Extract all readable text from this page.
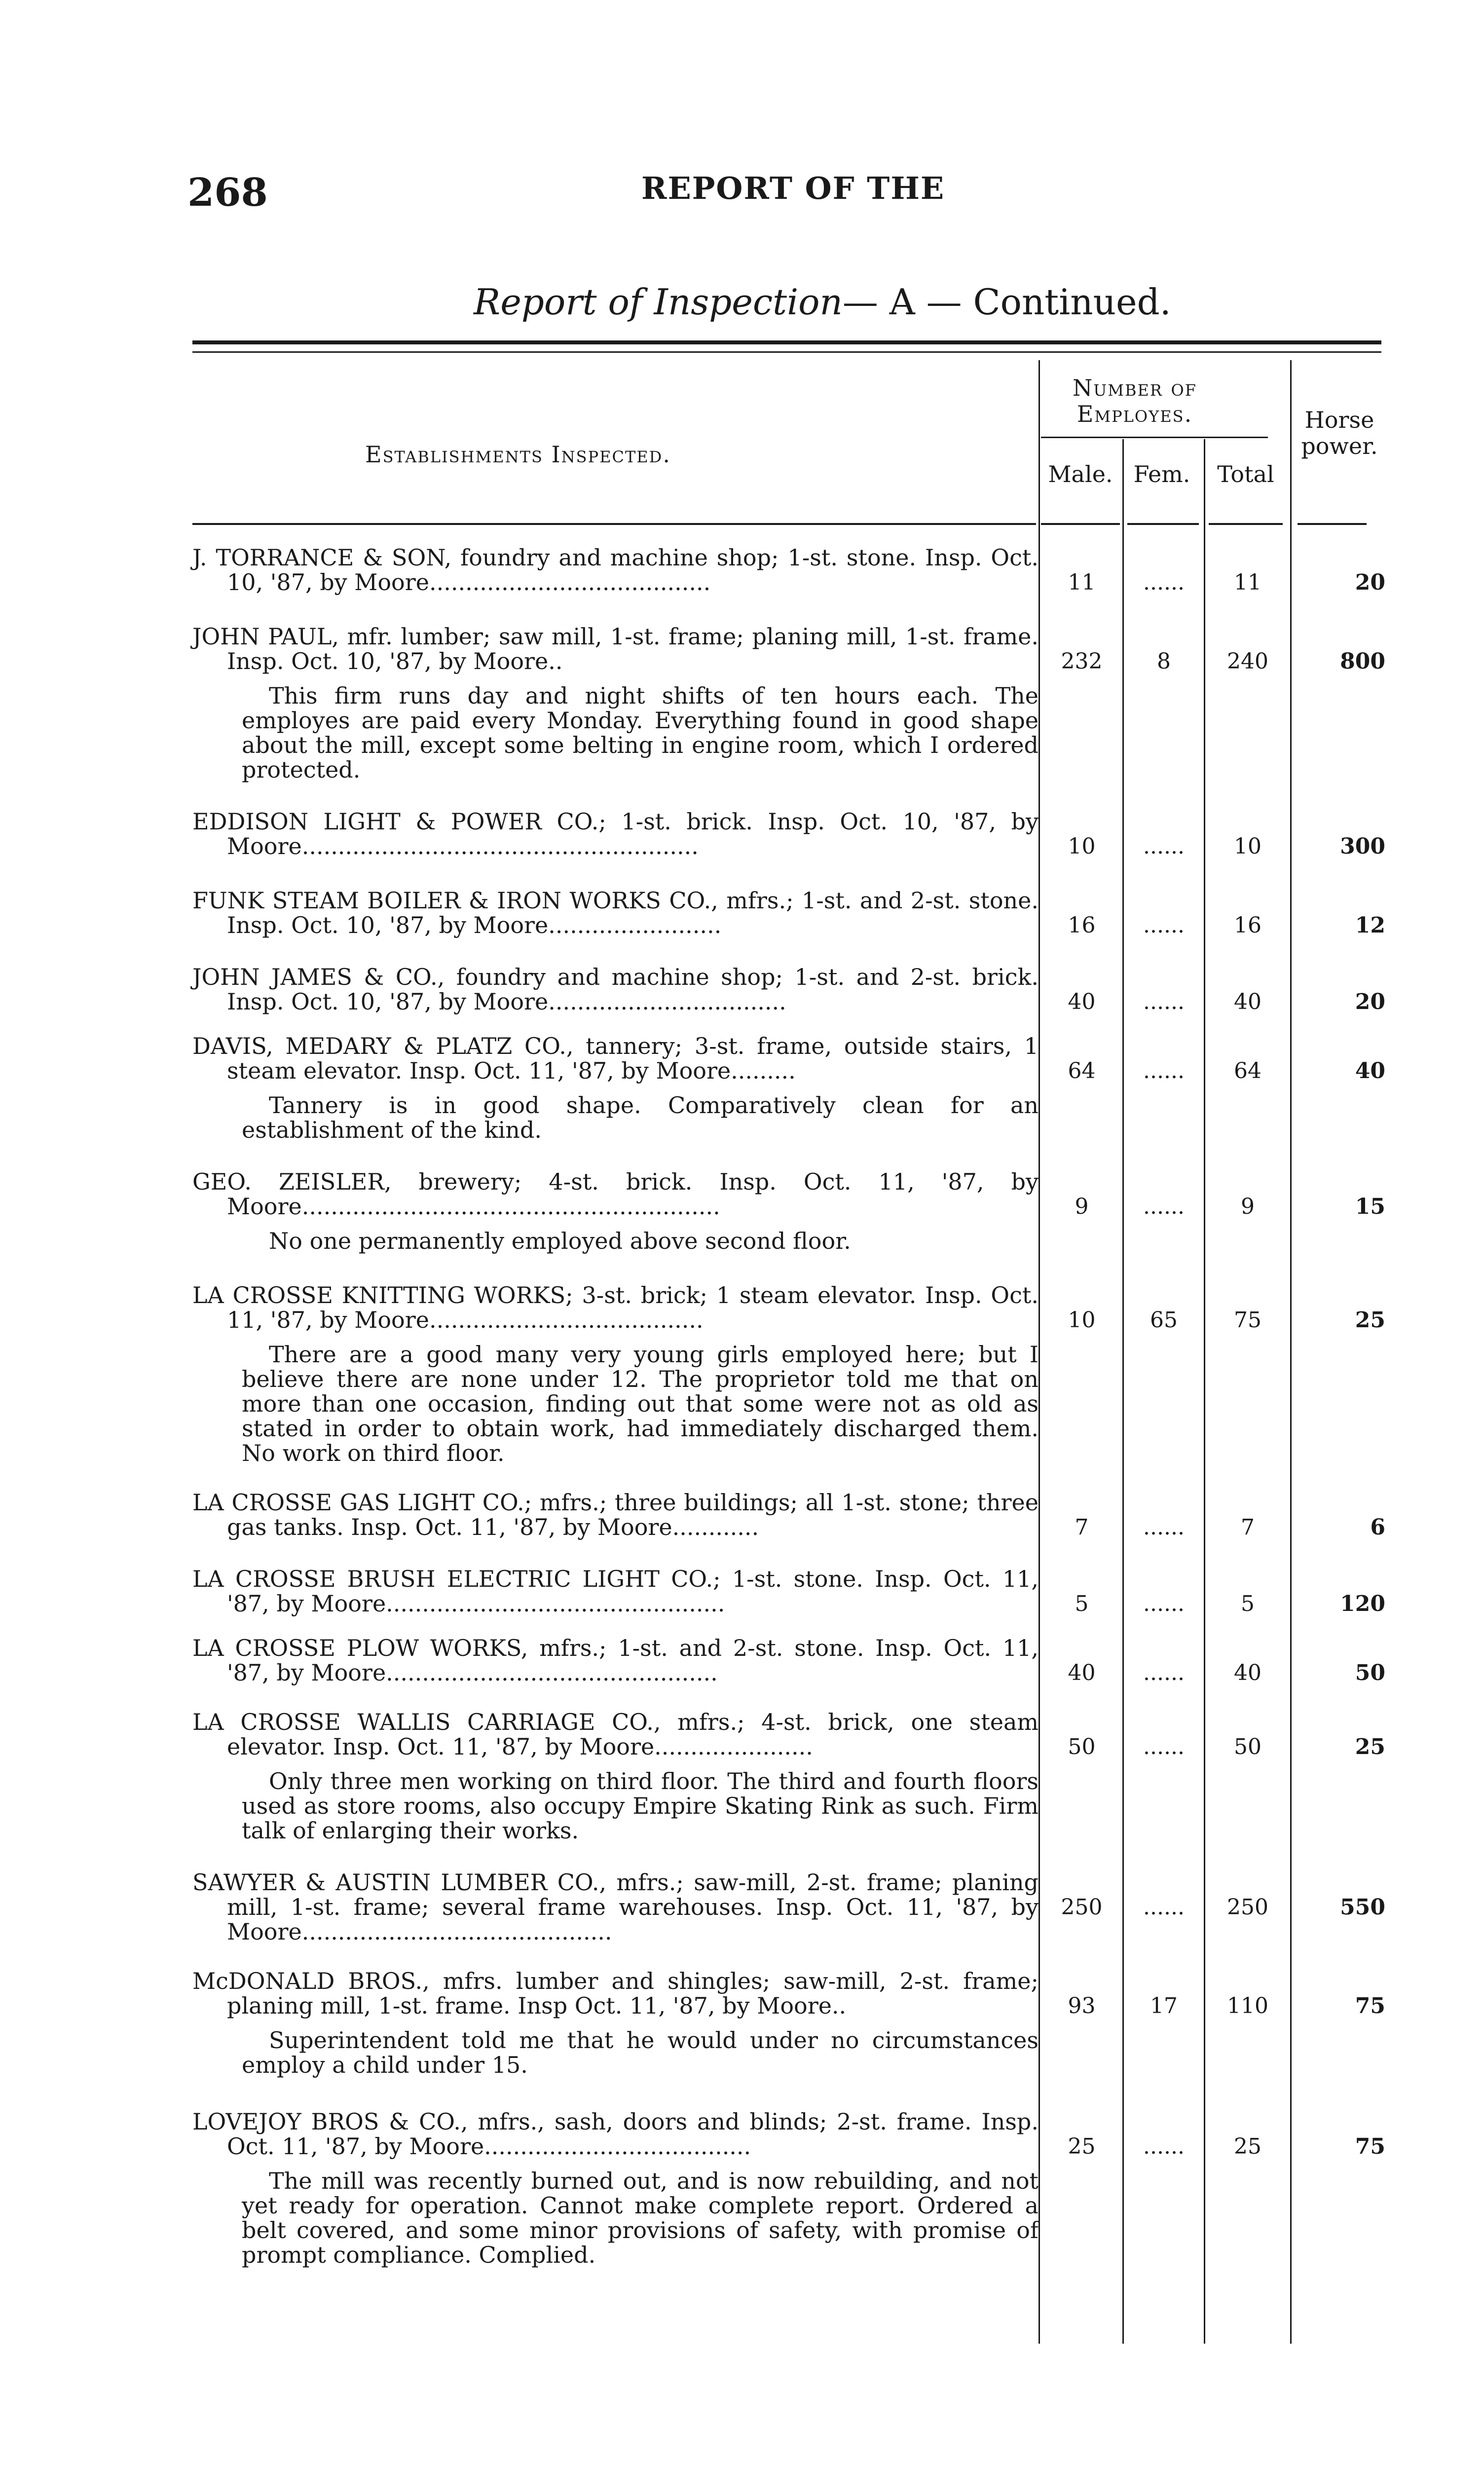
268	REPORT OF THE
Report of Inspection— A — Continued.
Establishments Inspected.
Number of Employes.
Male. Fem.	Total
Horse power.
J. TORRANCE & SON, foundry and machine shop; 1-st. stone. Insp. Oct. 10, '87, by Moore.......................................	11	......	11	20
JOHN PAUL, mfr. lumber; saw mill, 1-st. frame; planing mill, 1-st. frame. Insp. Oct. 10, '87, by Moore..
This firm runs day and night shifts of ten hours each. The employes are paid every Monday. Everything found in good shape about the mill, except some belting in engine room, which I ordered protected.
232	8	240	800
EDDISON LIGHT & POWER CO.; 1-st. brick. Insp. Oct. 10, '87, by Moore.......................................................	10	......	10	300
FUNK STEAM BOILER & IRON WORKS CO., mfrs.; 1-st. and 2-st. stone. Insp. Oct. 10, '87, by Moore........................	16	......	16	12
JOHN JAMES & CO., foundry and machine shop; 1-st. and 2-st. brick. Insp. Oct. 10, '87, by Moore.................................	40	......	40	20
DAVIS, MEDARY & PLATZ CO., tannery; 3-st. frame, outside stairs, 1 steam elevator. Insp. Oct. 11, '87, by Moore.........
Tannery is in good shape. Comparatively clean for an establishment of the kind.
64	......	64	40
GEO. ZEISLER, brewery; 4-st. brick. Insp. Oct. 11, '87, by Moore..........................................................
No one permanently employed above second floor.
9	......	9	15
LA CROSSE KNITTING WORKS; 3-st. brick; 1 steam elevator. Insp. Oct. 11, '87, by Moore......................................
There are a good many very young girls employed here; but I believe there are none under 12. The proprietor told me that on more than one occasion, finding out that some were not as old as stated in order to obtain work, had immediately discharged them. No work on third floor.
10	65	75	25
LA CROSSE GAS LIGHT CO.; mfrs.; three buildings; all 1-st. stone; three gas tanks. Insp. Oct. 11, '87, by Moore............	7	......	7	6
LA CROSSE BRUSH ELECTRIC LIGHT CO.; 1-st. stone. Insp. Oct. 11, '87, by Moore...............................................	5	......	5	120
LA CROSSE PLOW WORKS, mfrs.; 1-st. and 2-st. stone. Insp. Oct. 11, '87, by Moore..............................................	40	......	40	50
LA CROSSE WALLIS CARRIAGE CO., mfrs.; 4-st. brick, one steam elevator. Insp. Oct. 11, '87, by Moore......................
Only three men working on third floor. The third and fourth floors used as store rooms, also occupy Empire Skating Rink as such. Firm talk of enlarging their works.
50	......	50	25
SAWYER & AUSTIN LUMBER CO., mfrs.; saw-mill, 2-st. frame; planing mill, 1-st. frame; several frame warehouses. Insp. Oct. 11, '87, by Moore...........................................
250	......	250	550
McDONALD BROS., mfrs. lumber and shingles; saw-mill, 2-st. frame; planing mill, 1-st. frame. Insp Oct. 11, '87, by Moore..
Superintendent told me that he would under no circumstances employ a child under 15.
93	17	110	75
LOVEJOY BROS & CO., mfrs., sash, doors and blinds; 2-st. frame. Insp. Oct. 11, '87, by Moore.....................................
The mill was recently burned out, and is now rebuilding, and not yet ready for operation. Cannot make complete report. Ordered a belt covered, and some minor provisions of safety, with promise of prompt compliance. Complied.
25	......	25	75
